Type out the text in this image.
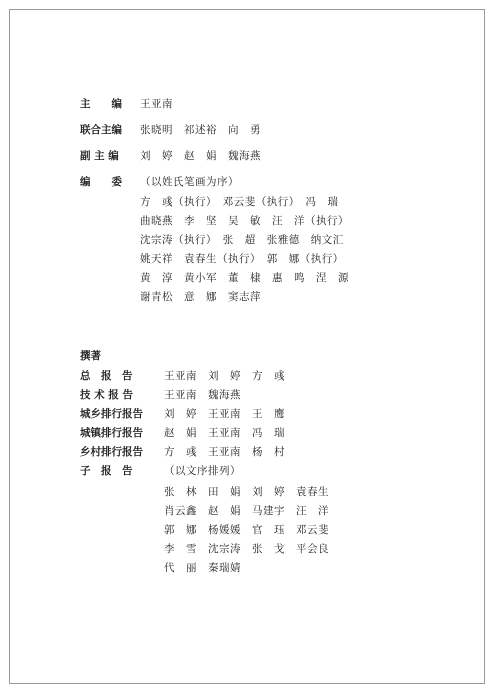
主　　编 王亚南
联合主编 张晓明　祁述裕　向　勇
副 主 编 刘　婷　赵　娟　魏海燕
编　　委 （以姓氏笔画为序）
方　彧（执行）　邓云斐（执行）　冯　瑞
曲晓燕　李　坚　吴　敏　汪　洋（执行）
沈宗涛（执行）　张　超　张雅德　纳文汇
姚天祥　袁春生（执行）　郭　娜（执行）
黄　淳　黄小军　董　棣　惠　鸣　涅　源
谢青松　意　娜　窦志萍
撰著
总　报　告	王亚南　刘　婷　方　彧
技 术 报 告	王亚南　魏海燕
城乡排行报告 刘　婷　王亚南　王　鹰
城镇排行报告 赵　娟　王亚南　冯　瑞
乡村排行报告 方　彧　王亚南　杨　村
子　报　告	（以文序排列）
张　林　田　娟　刘　婷　袁春生
肖云鑫　赵　娟　马建宇　汪　洋
郭　娜　杨媛媛　官　珏　邓云斐
李　雪　沈宗涛　张　戈　平会良
代　丽　秦瑞婧
